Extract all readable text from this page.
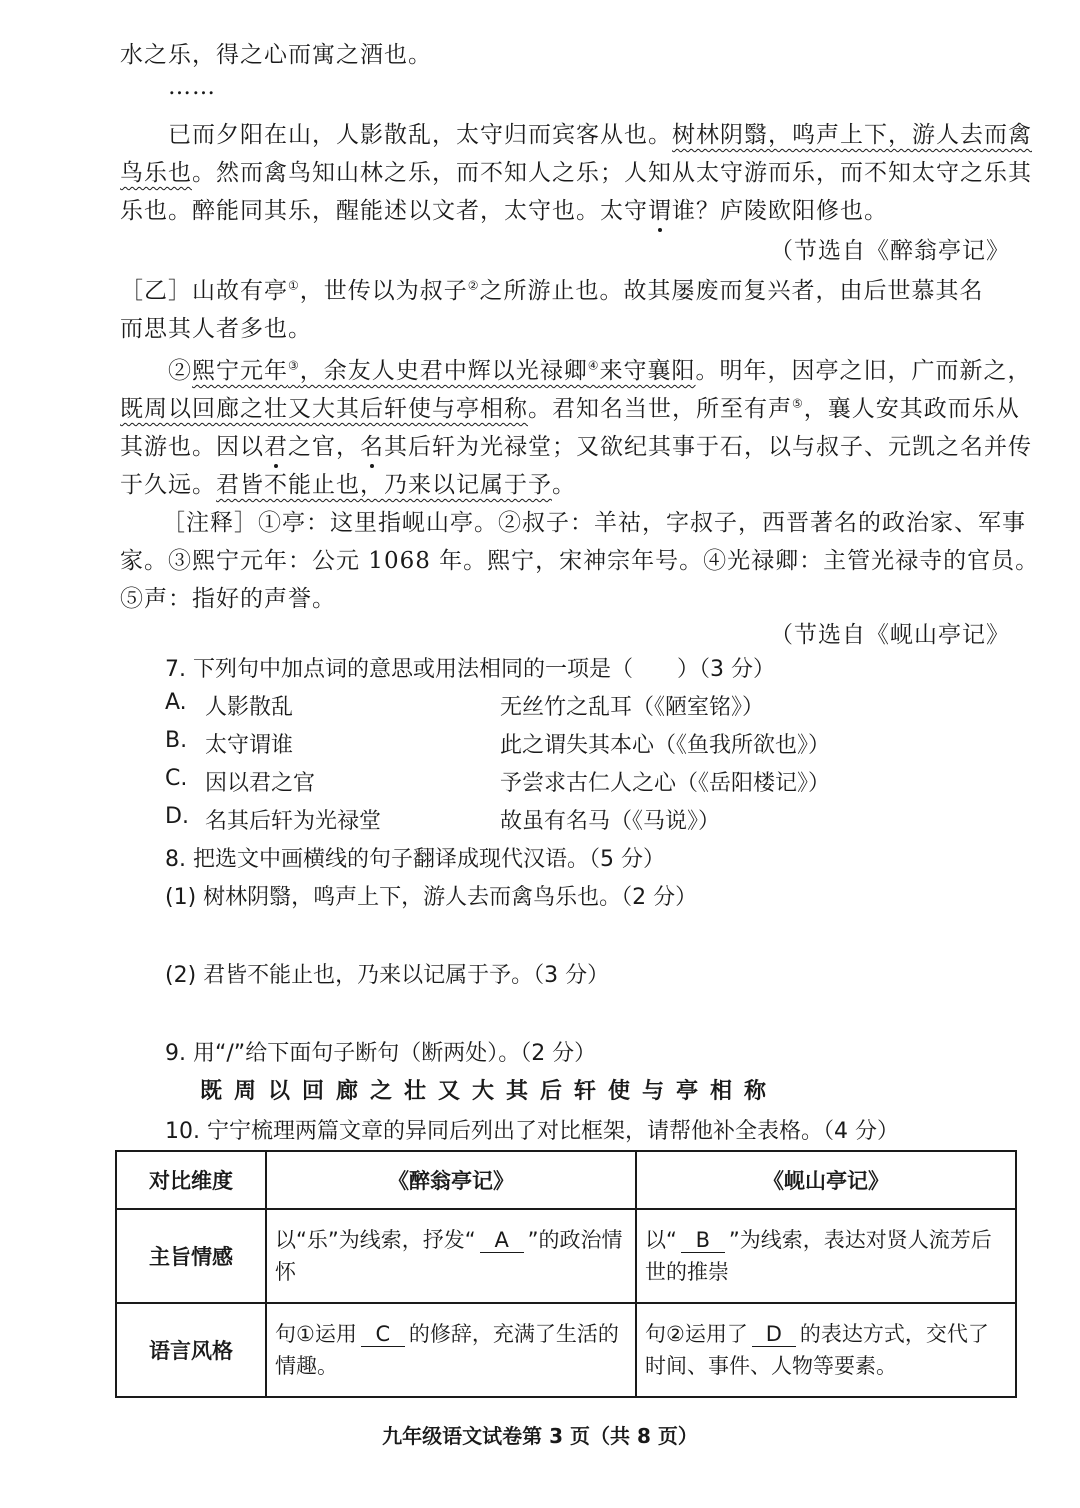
水之乐，得之心而寓之酒也。
……
已而夕阳在山，人影散乱，太守归而宾客从也。树林阴翳，鸣声上下，游人去而禽
鸟乐也。然而禽鸟知山林之乐，而不知人之乐；人知从太守游而乐，而不知太守之乐其
乐也。醉能同其乐，醒能述以文者，太守也。太守谓谁？庐陵欧阳修也。
（节选自《醉翁亭记》
［乙］山故有亭①，世传以为叔子②之所游止也。故其屡废而复兴者，由后世慕其名
而思其人者多也。
②熙宁元年③，余友人史君中辉以光禄卿④来守襄阳。明年，因亭之旧，广而新之，
既周以回廊之壮又大其后轩使与亭相称。君知名当世，所至有声⑤，襄人安其政而乐从
其游也。因以君之官，名其后轩为光禄堂；又欲纪其事于石，以与叔子、元凯之名并传
于久远。君皆不能止也，乃来以记属于予。
［注释］①亭：这里指岘山亭。②叔子：羊祜，字叔子，西晋著名的政治家、军事
家。③熙宁元年：公元 1068 年。熙宁，宋神宗年号。④光禄卿：主管光禄寺的官员。
⑤声：指好的声誉。
（节选自《岘山亭记》
7. 下列句中加点词的意思或用法相同的一项是（　　）（3 分）
A. 人影散乱	无丝竹之乱耳（《陋室铭》）
B. 太守谓谁	此之谓失其本心（《鱼我所欲也》）
C. 因以君之官	予尝求古仁人之心（《岳阳楼记》）
D. 名其后轩为光禄堂	故虽有名马（《马说》）
8. 把选文中画横线的句子翻译成现代汉语。（5 分）
(1) 树林阴翳，鸣声上下，游人去而禽鸟乐也。（2 分）
(2) 君皆不能止也，乃来以记属于予。（3 分）
9. 用“/”给下面句子断句（断两处）。（2 分）
既周以回廊之壮又大其后轩使与亭相称
10. 宁宁梳理两篇文章的异同后列出了对比框架，请帮他补全表格。（4 分）
对比维度	《醉翁亭记》	《岘山亭记》
主旨情感	以“乐”为线索，抒发“ A ”的政治情怀	以“ B ”为线索，表达对贤人流芳后世的推崇
语言风格	句①运用 C 的修辞，充满了生活的情趣。	句②运用了 D 的表达方式，交代了时间、事件、人物等要素。
九年级语文试卷第 3 页（共 8 页）
